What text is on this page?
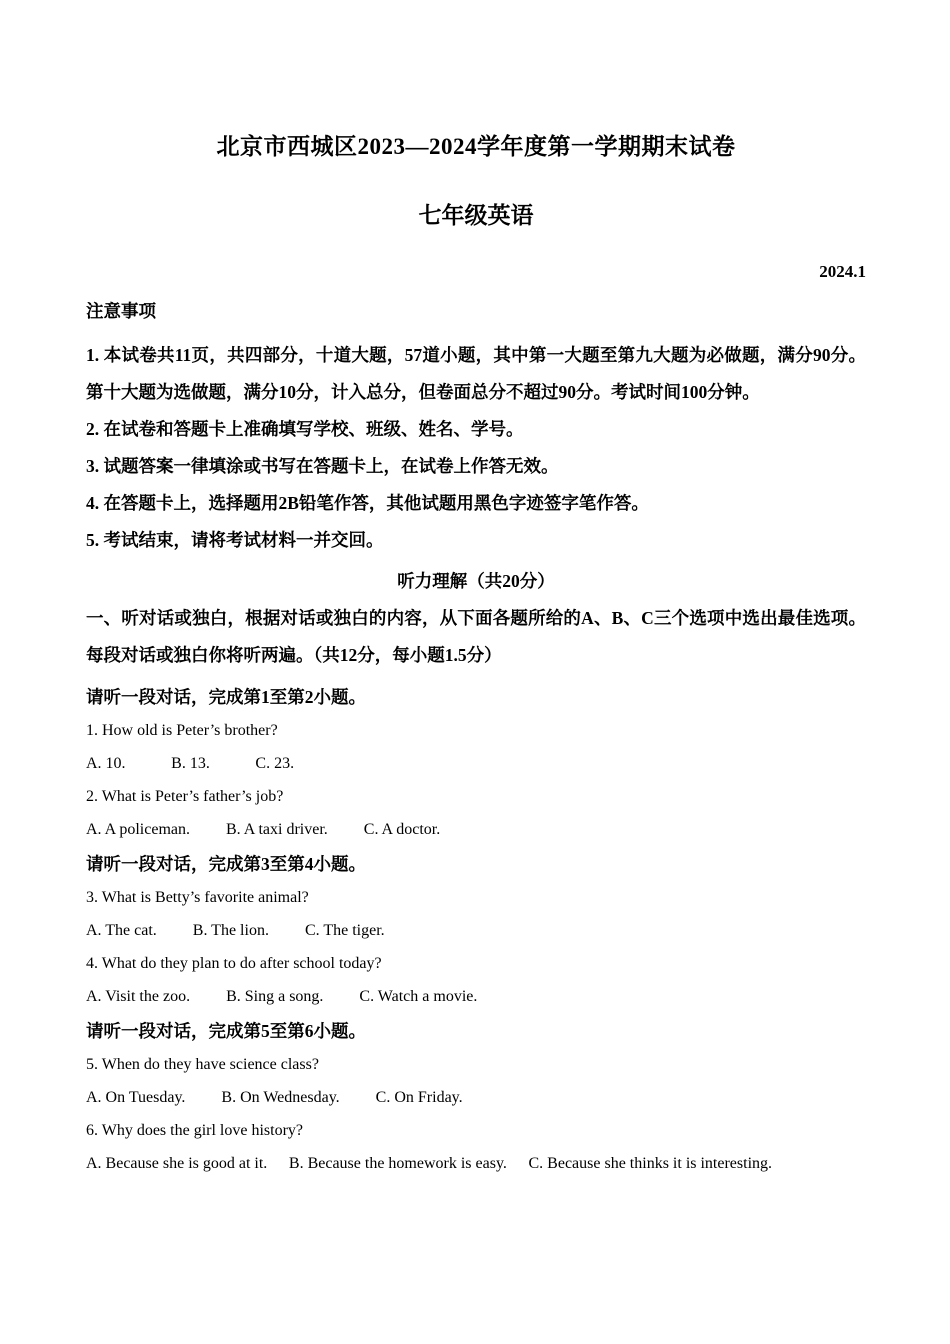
北京市西城区2023—2024学年度第一学期期末试卷
七年级英语
2024.1
注意事项

1. 本试卷共11页，共四部分，十道大题，57道小题，其中第一大题至第九大题为必做题，满分90分。第十大题为选做题，满分10分，计入总分，但卷面总分不超过90分。考试时间100分钟。

2. 在试卷和答题卡上准确填写学校、班级、姓名、学号。

3. 试题答案一律填涂或书写在答题卡上，在试卷上作答无效。

4. 在答题卡上，选择题用2B铅笔作答，其他试题用黑色字迹签字笔作答。

5. 考试结束，请将考试材料一并交回。

听力理解（共20分）

一、听对话或独白，根据对话或独白的内容，从下面各题所给的A、B、C三个选项中选出最佳选项。每段对话或独白你将听两遍。（共12分，每小题1.5分）

请听一段对话，完成第1至第2小题。

1. How old is Peter’s brother?

A. 10.	B. 13.	C. 23.

2. What is Peter’s father’s job?

A. A policeman. B. A taxi driver. C. A doctor.

请听一段对话，完成第3至第4小题。

3. What is Betty’s favorite animal?

A. The cat. B. The lion. C. The tiger.

4. What do they plan to do after school today?

A. Visit the zoo. B. Sing a song. C. Watch a movie.

请听一段对话，完成第5至第6小题。

5. When do they have science class?

A. On Tuesday. B. On Wednesday. C. On Friday.

6. Why does the girl love history?

A. Because she is good at it. B. Because the homework is easy. C. Because she thinks it is interesting.
